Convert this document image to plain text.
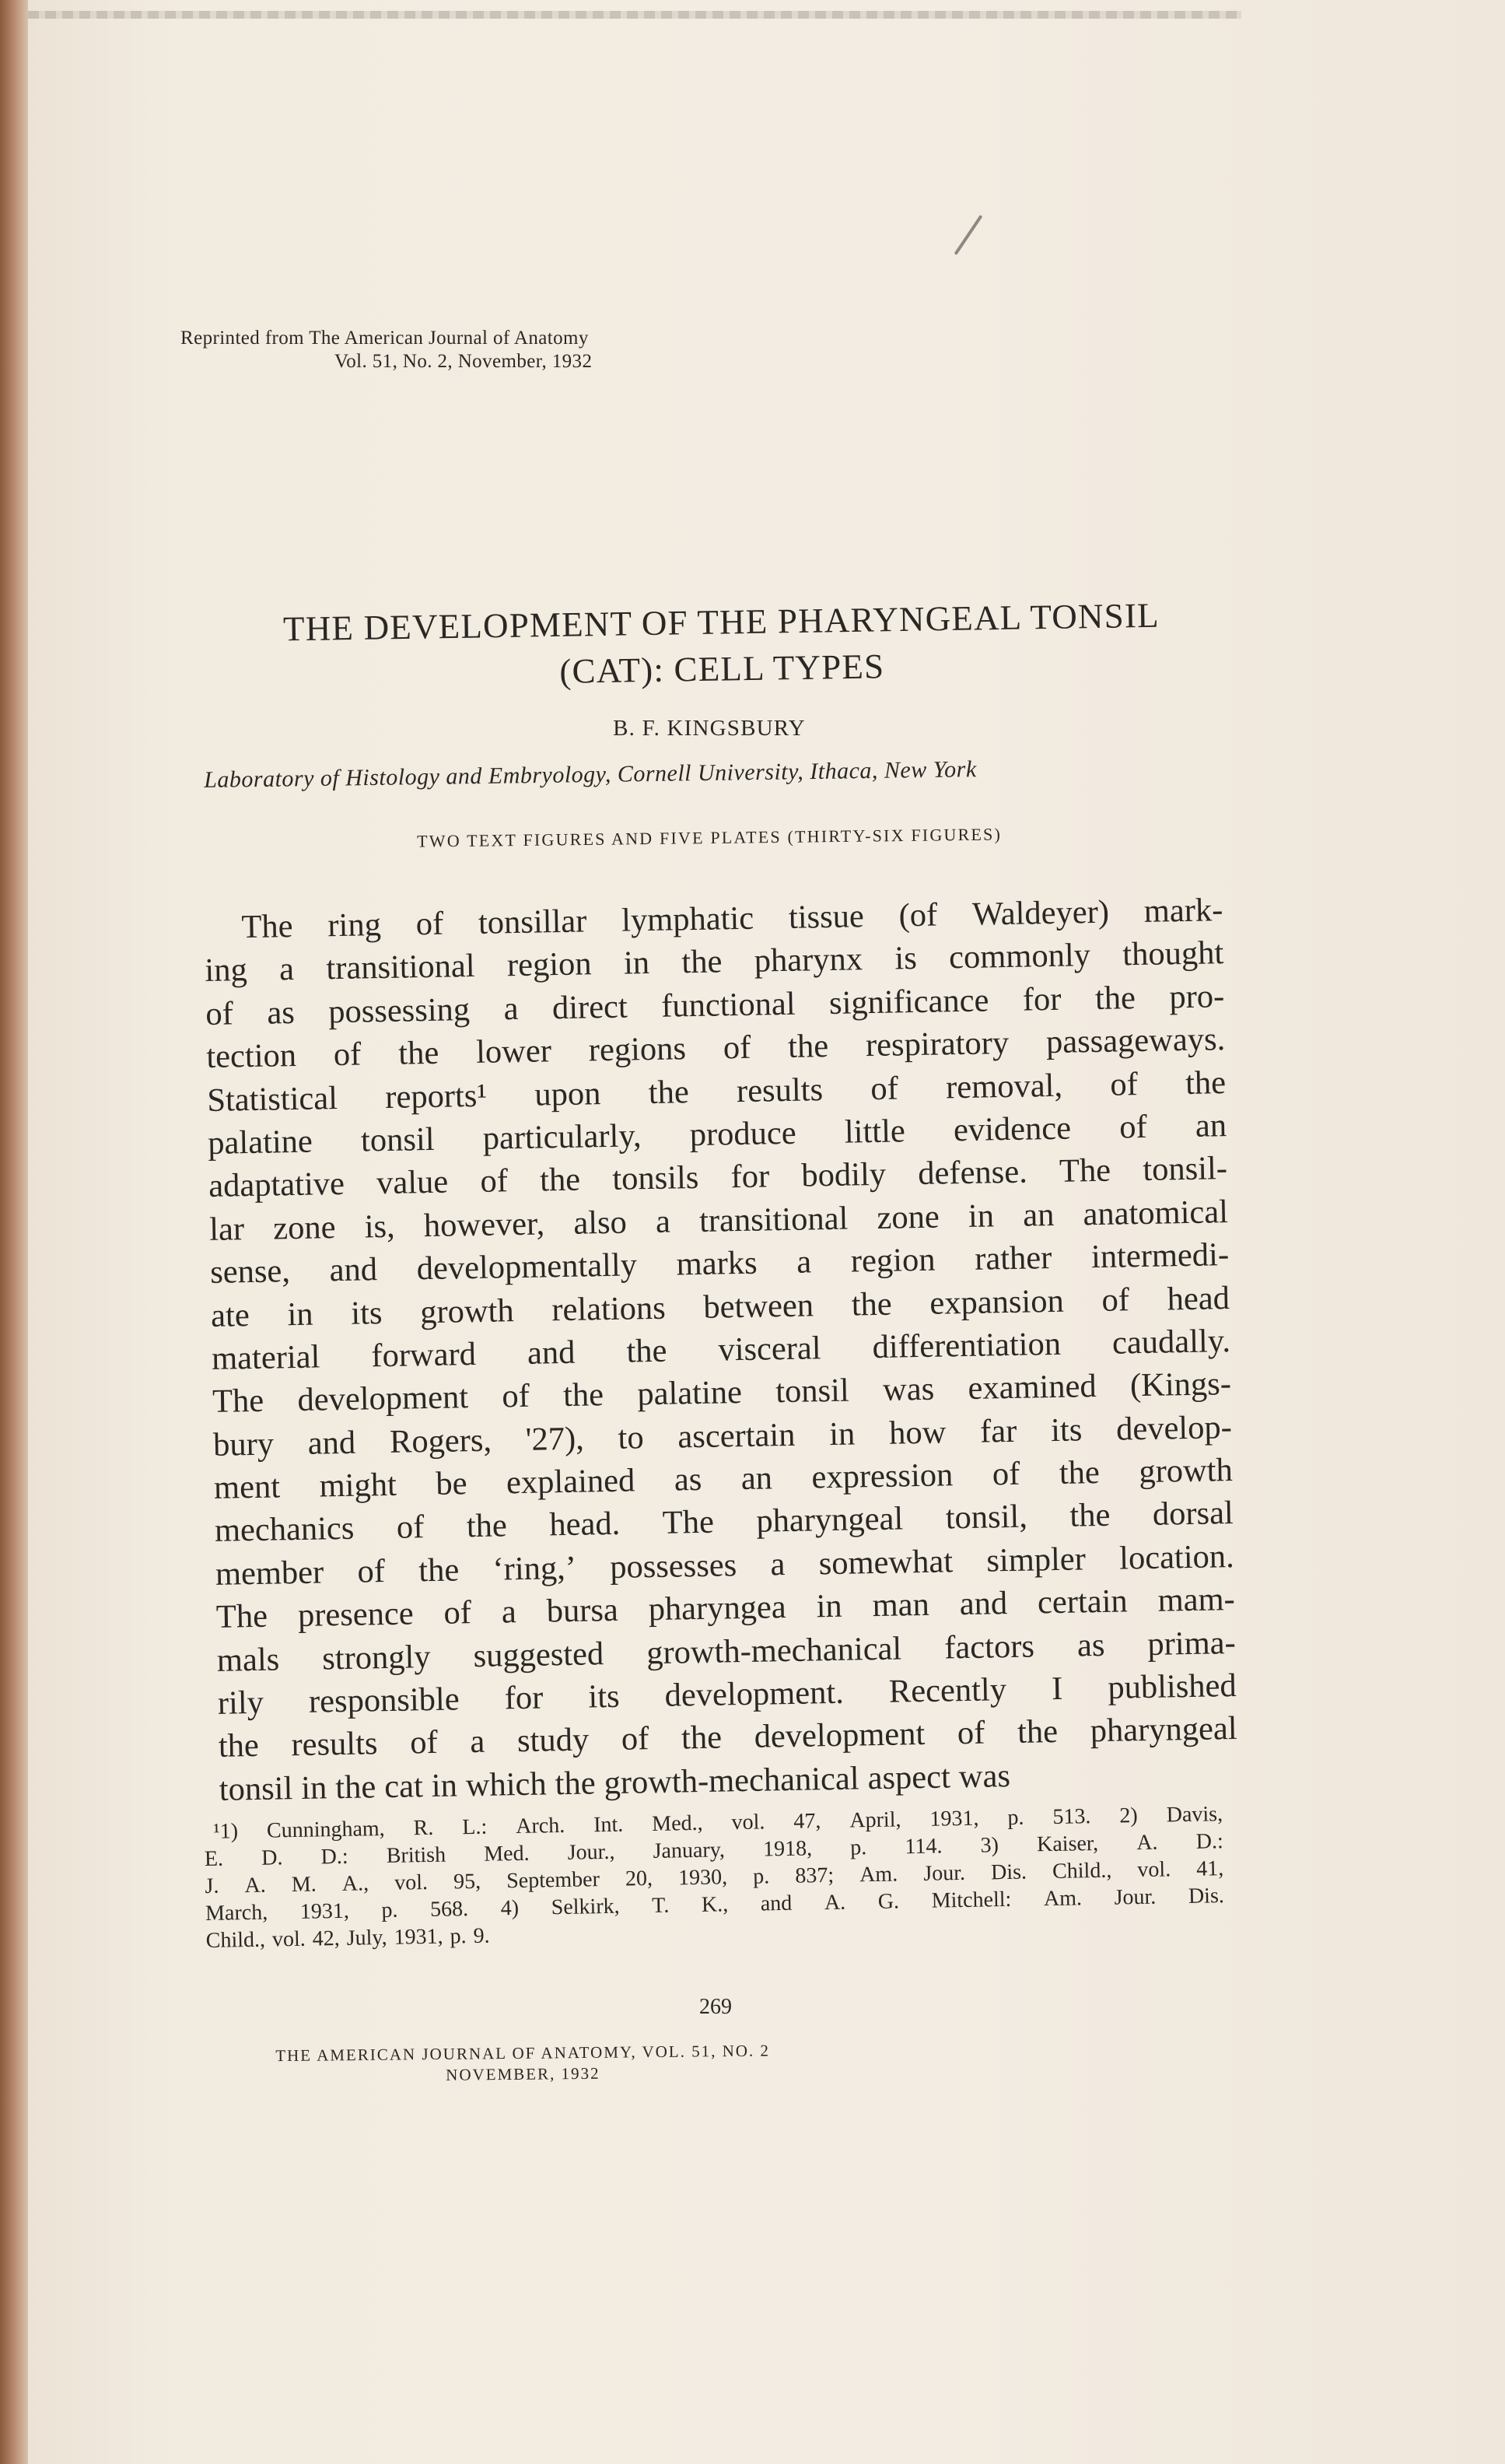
Reprinted from The American Journal of Anatomy
Vol. 51, No. 2, November, 1932
THE DEVELOPMENT OF THE PHARYNGEAL TONSIL
(CAT): CELL TYPES
B. F. KINGSBURY
Laboratory of Histology and Embryology, Cornell University, Ithaca, New York
TWO TEXT FIGURES AND FIVE PLATES (THIRTY-SIX FIGURES)
The ring of tonsillar lymphatic tissue (of Waldeyer) mark-
ing a transitional region in the pharynx is commonly thought
of as possessing a direct functional significance for the pro-
tection of the lower regions of the respiratory passageways.
Statistical reports¹ upon the results of removal, of the
palatine tonsil particularly, produce little evidence of an
adaptative value of the tonsils for bodily defense. The tonsil-
lar zone is, however, also a transitional zone in an anatomical
sense, and developmentally marks a region rather intermedi-
ate in its growth relations between the expansion of head
material forward and the visceral differentiation caudally.
The development of the palatine tonsil was examined (Kings-
bury and Rogers, '27), to ascertain in how far its develop-
ment might be explained as an expression of the growth
mechanics of the head. The pharyngeal tonsil, the dorsal
member of the ‘ring,’ possesses a somewhat simpler location.
The presence of a bursa pharyngea in man and certain mam-
mals strongly suggested growth-mechanical factors as prima-
rily responsible for its development. Recently I published
the results of a study of the development of the pharyngeal
tonsil in the cat in which the growth-mechanical aspect was
¹1) Cunningham, R. L.: Arch. Int. Med., vol. 47, April, 1931, p. 513. 2) Davis,
E. D. D.: British Med. Jour., January, 1918, p. 114. 3) Kaiser, A. D.:
J. A. M. A., vol. 95, September 20, 1930, p. 837; Am. Jour. Dis. Child., vol. 41,
March, 1931, p. 568. 4) Selkirk, T. K., and A. G. Mitchell: Am. Jour. Dis.
Child., vol. 42, July, 1931, p. 9.
269
THE AMERICAN JOURNAL OF ANATOMY, VOL. 51, NO. 2
NOVEMBER, 1932
